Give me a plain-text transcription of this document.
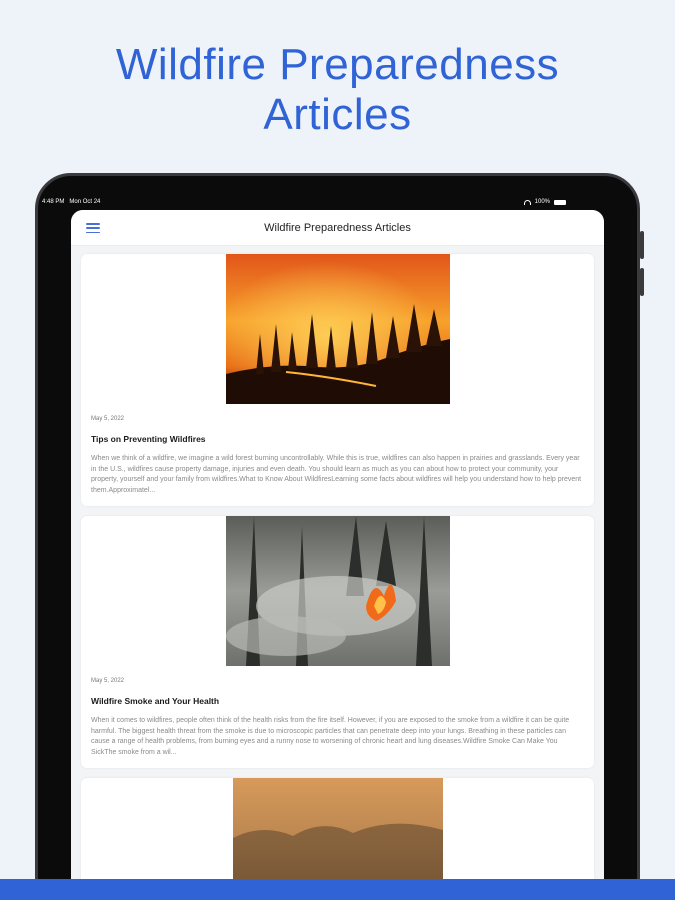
Wildfire Preparedness
Articles
Wildfire Preparedness Articles
May 5, 2022
Tips on Preventing Wildfires
When we think of a wildfire, we imagine a wild forest burning uncontrollably. While this is true, wildfires can also happen in prairies and grasslands. Every year in the U.S., wildfires cause property damage, injuries and even death. You should learn as much as you can about how to protect your community, your property, yourself and your family from wildfires.What to Know About WildfiresLearning some facts about wildfires will help you understand how to help prevent them.Approximatel...
May 5, 2022
Wildfire Smoke and Your Health
When it comes to wildfires, people often think of the health risks from the fire itself. However, if you are exposed to the smoke from a wildfire it can be quite harmful. The biggest health threat from the smoke is due to microscopic particles that can penetrate deep into your lungs. Breathing in these particles can cause a range of health problems, from burning eyes and a runny nose to worsening of chronic heart and lung diseases.Wildfire Smoke Can Make You SickThe smoke from a wil...
4:48 PM Mon Oct 24	100%
